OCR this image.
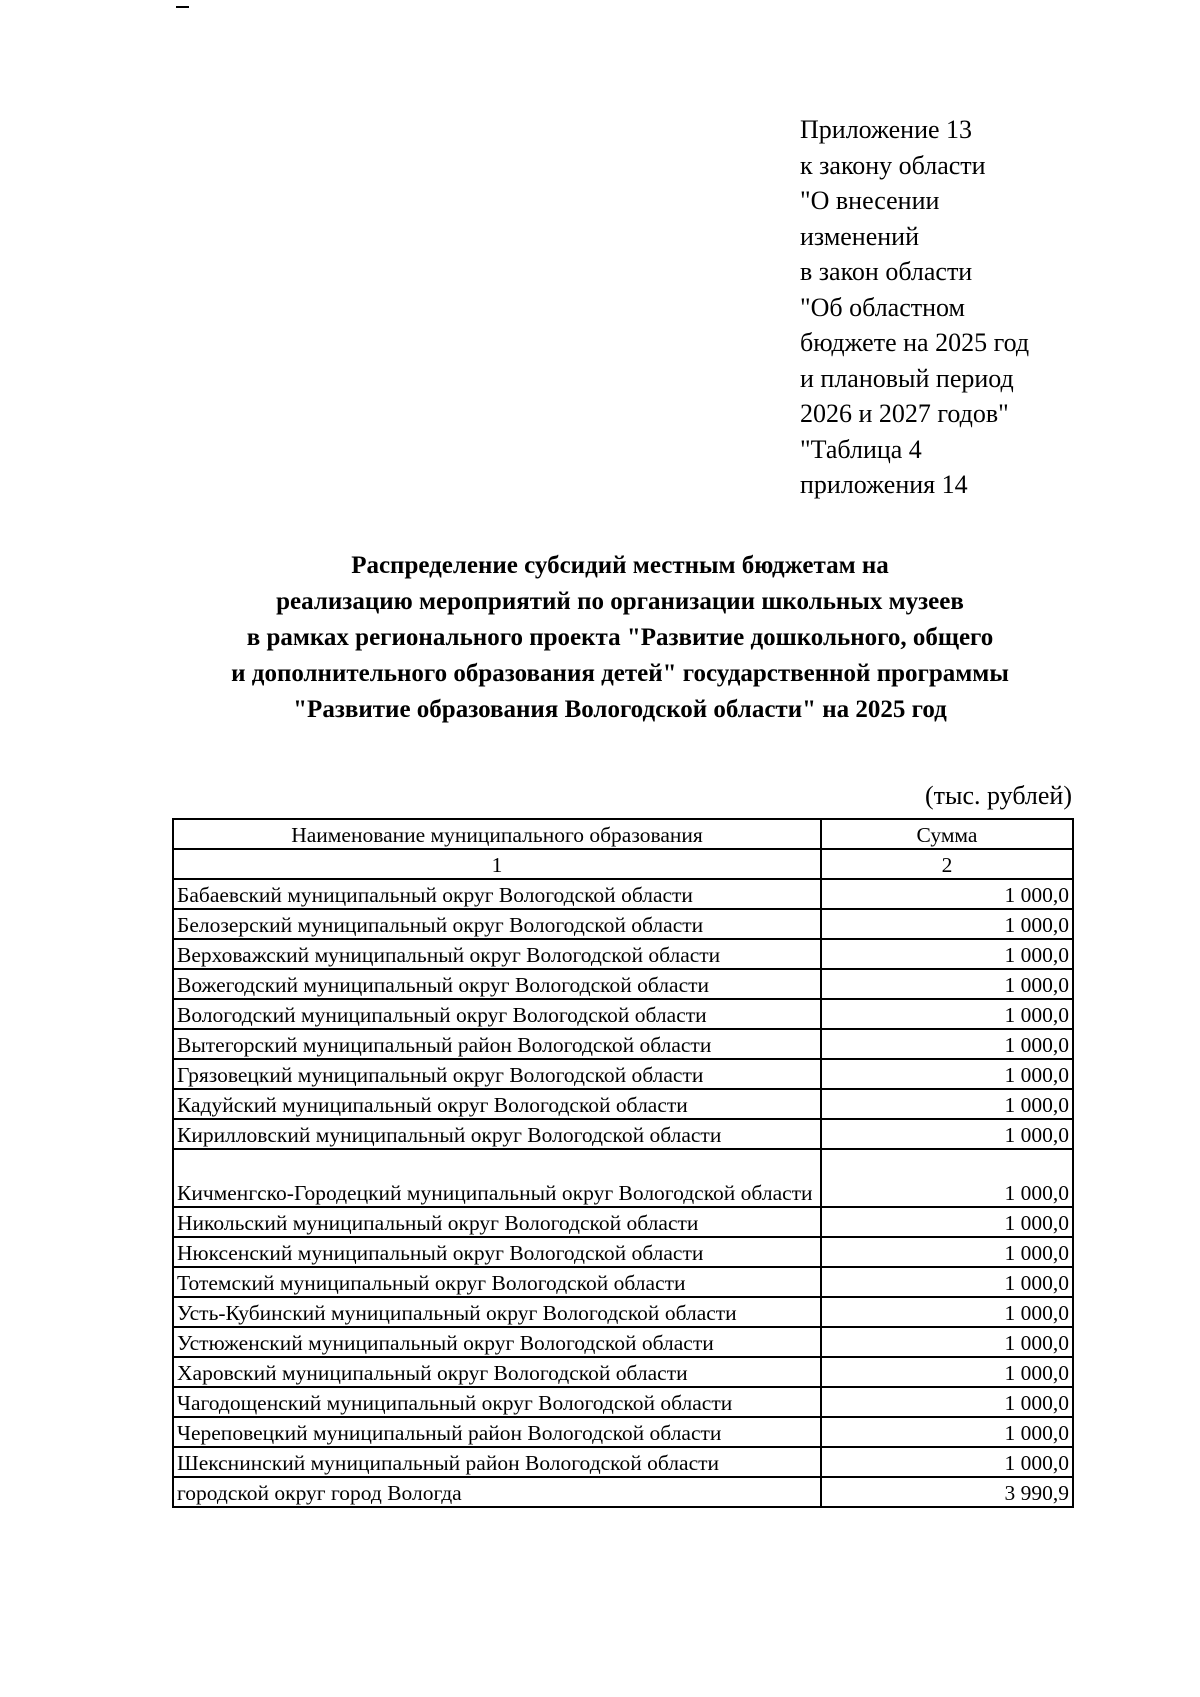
Приложение 13
к закону области
"О внесении
изменений
в закон области
"Об областном
бюджете на 2025 год
и плановый период
2026 и 2027 годов"
"Таблица 4
приложения 14
Распределение субсидий местным бюджетам на
реализацию мероприятий по организации школьных музеев
в рамках регионального проекта "Развитие дошкольного, общего
и дополнительного образования детей" государственной программы
"Развитие образования Вологодской области" на 2025 год
(тыс. рублей)
Наименование муниципального образования	Сумма
1	2
Бабаевский муниципальный округ Вологодской области	1 000,0
Белозерский муниципальный округ Вологодской области	1 000,0
Верховажский муниципальный округ Вологодской области	1 000,0
Вожегодский муниципальный округ Вологодской области	1 000,0
Вологодский муниципальный округ Вологодской области	1 000,0
Вытегорский муниципальный район Вологодской области	1 000,0
Грязовецкий муниципальный округ Вологодской области	1 000,0
Кадуйский муниципальный округ Вологодской области	1 000,0
Кирилловский муниципальный округ Вологодской области	1 000,0
Кичменгско-Городецкий муниципальный округ Вологодской области	1 000,0
Никольский муниципальный округ Вологодской области	1 000,0
Нюксенский муниципальный округ Вологодской области	1 000,0
Тотемский муниципальный округ Вологодской области	1 000,0
Усть-Кубинский муниципальный округ Вологодской области	1 000,0
Устюженский муниципальный округ Вологодской области	1 000,0
Харовский муниципальный округ Вологодской области	1 000,0
Чагодощенский муниципальный округ Вологодской области	1 000,0
Череповецкий муниципальный район Вологодской области	1 000,0
Шекснинский муниципальный район Вологодской области	1 000,0
городской округ город Вологда	3 990,9
